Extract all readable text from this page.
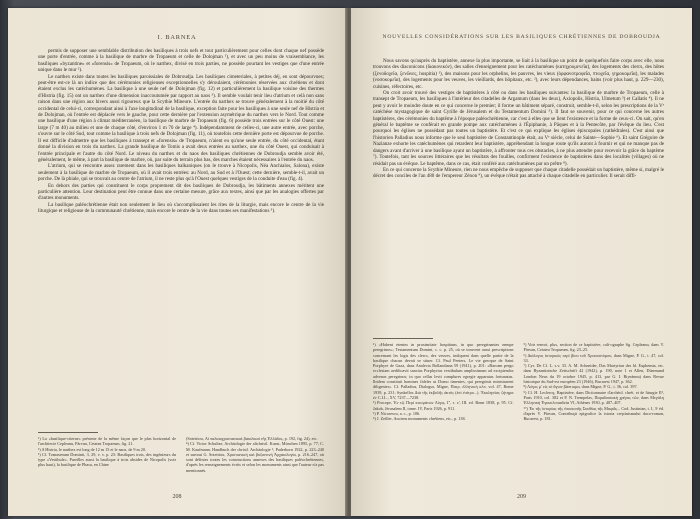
I. BARNEA

permis de supposer une semblable distribution des basiliques à trois nefs et tout particulièrement pour celles dont chaque nef possède une porte d'entrée, comme à la basilique de marbre de Tropaeum et celle de Dolojman ¹), et avec un peu moins de vraisemblance, les basiliques «byzantine» et «forensis» de Tropaeum, où le narthex, divisé en trois parties, ne possède pourtant les vestiges que d'une entrée unique dans le mur ²).

Le narthex existe dans toutes les basiliques paroissiales de Dobroudja. Les basiliques cimeteriales, à petites déj, en sont dépourvues; peut-être est-ce là un indice que des cérémonies religieuses exceptionnelles s'y déroulaient, cérémonies réservées aux chrétiens et dont étaient exclus les catéchumènes. La basilique à une seule nef de Dolojman (fig. 12) et particulièrement la basilique voisine des thermes d'Histria (fig. 15) ont un narthex d'une dimension inaccoutumée par rapport au naos ³). Il semble voulait tenir lieu d'atrium et celà non sans raison dans une région aux hivers aussi rigoureux que la Scythie Mineure. L'entrée du narthex se trouve généralement à la moitié du côté occidental de celui-ci, correspondant ainsi à l'axe longitudinal de la basilique, exception faite pour les basiliques à une seule nef de Histria et de Dolojman, où l'entrée est déplacée vers le gauche, pour cette dernière par l'extension asymétrique du narthex vers le Nord. Tout comme une basilique d'une région à climat méditerranéen, la basilique de marbre de Tropaeum (fig. 6) possède trois entrées sur le côté Ouest: une large (7 m 40) au milieu et une de chaque côté, d'environ 1 m 70 de large ⁴). Indépendamment de celles-ci, une autre entrée, avec porche, s'ouvre sur le côté Sud, tout comme la basilique à trois nefs de Dolojman (fig. 11), où toutefois cette dernière porte est dépourvue de porche. Il est difficile d'admettre que les basiliques à transept et «forensis» de Tropaeum, n'aient eu qu'une seule entrée, du côté occidental, étant donné la division en trois du narthex. La grande basilique de Tomis a avait deux entrées au narthex, une du côté Ouest, qui conduisait à l'entrée principale et l'autre du côté Nord. Le niveau du narthex et du naos des basiliques chrétiennes de Dobroudja semble avoir été, généralement, le même, à part la basilique de marbre, où, par suite du terrain plus bas, des marches étaient nécessaires à l'entrée du naos.

L'atrium, qui se rencontre assez rarement dans les basiliques balkaniques (on le trouve à Nicopolis, Néa Anchialos, Salona), existe seulement à la basilique de marbre de Tropaeum, où il avait trois entrées: au Nord, au Sud et à l'Ouest; cette dernière, semble-t-il, avait un porche. De là phiale, qui se trouvait au centre de l'atrium, il ne reste plus qu'à l'Ouest quelques vestiges de la conduite d'eau (fig. 4).

En dehors des parties qui constituent le corps proprement dit des basiliques de Dobroudja, les bâtiments annexes méritent une particulière attention. Leur destination peut être connue dans une certaine mesure, grâce aux textes, ainsi que par les analogies offertes par d'autres monuments.

La basilique paléochrétienne était non seulement le lieu où s'accomplissaient les rites de la liturgie, mais encore le centre de la vie liturgique et religieuse de la communauté chrétienne, mais encore le centre de la vie dans toutes ses manifestations ⁵).

¹) La «basilique-citerne» présente de la même façon que le plus horizontal de l'architecte Cepleanu, Părvan, Cetatea Tropaeum, fig. 21.

²) A Histria, le narthex est long de 12 m 15 et le naos, de 9 m 20.

³) Cf. Tomasenum Dominii, 3, 29, v. v. p. 23: Basiliques trois, des ingénieurs du type «Vestibule». Pareilles aussi la basilique à trois absides de Nicopolis (voir plus haut), la basilique de Phasa, en Chine

(Soteiriou, Αἱ παλαιοχριστιανικαὶ βασιλικαὶ τῆς Ἑλλάδος, p. 192, fig. 24), etc.

⁴) Cf. Victor Schultze, Archäologie der altchristl. Kunst, München 1895, p. 77; C. M. Kaufmann, Handbuch der christl. Archäologie ², Paderborn 1922, p. 223–240 et surtout G. Soteiriou, Χριστιανικὴ καὶ βυζαντινὴ Ἀρχαιολογία, p. 216–247, où sont définies toutes les constructions annexes des basiliques paléochrétiennes, d'après les renseignements écrits et selon les monuments ainsi que l'auteur n'a pas mentionnés.

208
NOUVELLES CONSIDÉRATIONS SUR LES BASILIQUES CHRÉTIENNES DE DOBROUDJA

Nous savons qu'auprès du baptistère, annexe la plus importante, se liait à la basilique un point de quelquefois faire corps avec elle, nous trouvons des diaconicons (διακονικόν), des salles d'enseignement pour les catéchumènes (κατηχουμενεῖα), des logements des clercs, des hôtes (ξενοδοχεῖα, ξενῶνες, hospitia) ¹), des maisons pour les orphelins, les pauvres, les vieux (ὀρφανοτροφεῖα, πτωχεῖα, γηροκομεῖα), les malades (νοσοκομεῖα), des logements pour les veuves, les vieillards, des hôpitaux, etc. ²), avec leurs dépendances, bains (voir plus haut, p. 229—230), cuisines, réfectoires, etc.

On croit avoir trouvé des vestiges de baptistères à côté ou dans les basiliques suivantes: la basilique de marbre de Tropaeum, celle à transept de Tropaeum, les basiliques à l'intérieur des citadelles de Argamum (dans les deux), Axiopolis, Histria, Ulmetum ³) et Callatis ⁴). Il ne peut y avoir le moindre doute en ce qui concerne le premier; il forme un bâtiment séparé, construit, semble-t-il, selon les prescriptions de la Vᵉ catéchèse mystagogique de saint Cyrille de Jérusalem et du Testamentum Domini ⁵). Il faut se souvenir, pour ce qui concerne les autres baptistères, des cérémonies du baptême à l'époque paléochrétienne, car c'est à elles que se lient l'existence et la forme de ceux-ci. On sait, qu'en général le baptême se conférait en grande pompe aux catéchumènes à l'Épiphanie, à Pâques et à la Pentecôte, par l'évêque du lieu. C'est pourquoi les églises ne possédant pas toutes un baptistère. Et c'est ce qui explique les églises épiscopales (cathédrales). C'est ainsi que l'historien Palladius nous informe que le seul baptistère de Constantinople était, au Vᵉ siècle, celui de Sainte—Sophie ⁶). Et saint Grégoire de Nazianze exhorte les catéchumènes qui retardent leur baptistère, appréhendant la longue route qu'ils auront à fournir et qui ne manque pas de dangers avant d'arriver à une basilique ayant un baptistère, à affronter tous ces obstacles, à ne plus attendre pour recevoir la grâce du baptême ⁷). Toutefois, tant les sources littéraires que les résultats des fouilles, confirment l'existence de baptistères dans des localités (villages) où ne résidait pas un évêque. Le baptême, dans ce cas, était conféré aux catéchumènes par un prêtre ⁸).

En ce qui concerne la Scythie Mineure, rien ne nous empêche de supposer que chaque citadelle possédait un baptistère, même si, malgré le décret des conciles de l'an 480 de l'empereur Zénon ⁹), un évêque n'était pas attaché à chaque citadelle en particulier. Il serait diffi-

¹) «Habent etenim in proximitate hospitium, in quo peregrinantes nempe peregrinos»; Testamentum Domini, c. c. p. 25, où se trouvent aussi prescriptions concernant les logis des clercs, des veuves, indiquent dans quelle partie de la basilique chacun devait se situer. Cf. Paul Peeters, Le vie grecque de Saint Porphyre de Gaza, dans Analecta Bollandiana 59 (1941), p. 201: «Barcam pergo ecclesiam aedificavit sanctus Porphyrius vestibulum amplissimum ad excipiendos advenas peregrinos; in quo cellas levit complures egregie apparatus fortunatus. Ibidem constituit homines fideles ut Domo timentes, qui peregrinis ministrarent diligenter». Cf. Palladius, Dialogus, Migne, Πατρ. ἑλληνικὴ κλπ. vol. 47, Rome 1939, p. 231; Synkellos Διὰ τῆς ἐκβολῆς ἀκτὸς (ἐπὶ ἐπίτρο...). Ἐκκλησίαι; ζήτημα ἐν C.I.L., XV, 7237—7238.

²) Procope, Ἐν τῷ Περὶ κτισμάτων Λόγῳ, Γ', τ. ε', ΙΙΙ. ed. Bonn 1838, p. 95. Cf. Jakob, Jérusalem II, tome. IV, Paris 1926, p. 911.

³) P. Nicorescu, a. c., p. 106.

⁴) J. Zeiller, Anciens monuments chrétiens, etc., p. 138.

⁵) Voir renvoi, plus, section de ce baptistère, cali-ographe Sg. Cepleanu, dans V. Părvan, Cetatea Tropaeum, fig. 23–25.

⁶) Διάλογος ἱστορικὸς περὶ βίου τοῦ Χρυσοστόμου, dans Migne, P. G., t. 47, col. 33.

⁷) Cyr. De Cf. L. s.v. 33. A. M. Schneider, Das Martyrion des hl. Euphemia, etc. dans Byzantinische Zeitschrift 42 (1942), p. 190, note 1 et Allen, Dürrmund London Neus du 19 octobre 1945, p. 413, par G. I. Biyeánnu) dans Revue historique du Sud-est européen 23 (1946), Bucarest 1947, p. 362.

⁸) Λόγος μ' εἰς τὸ ἅγιον βάπτισμα, dans Migne, P. G., t. 36, col. 397.

⁹) Cf. H. Leclercq, Baptistère, dans Dictionnaire d'archéol. chrét. et de liturgie II¹, Paris 1910, col. 382 et P. N. Trempelas, Παραδοσιακὴ χρήσις τῶν, dans Μεγάλη Ἑλληνικὴ Ἐγκυκλοπαιδεία VI, Athènes 1930, p. 407–407.

¹⁰) Ἐκ τῆς ἱστορίας τῆς ἐπισκοπῆς Σκυθίας τῆς Μικρᾶς... Cod. Justinian, t. I, 3ᵉ éd. d'après V. Părvan, Contribuţii epigrafice la istoria creştinismului daco-roman, Bucarest, p. 181.

209
